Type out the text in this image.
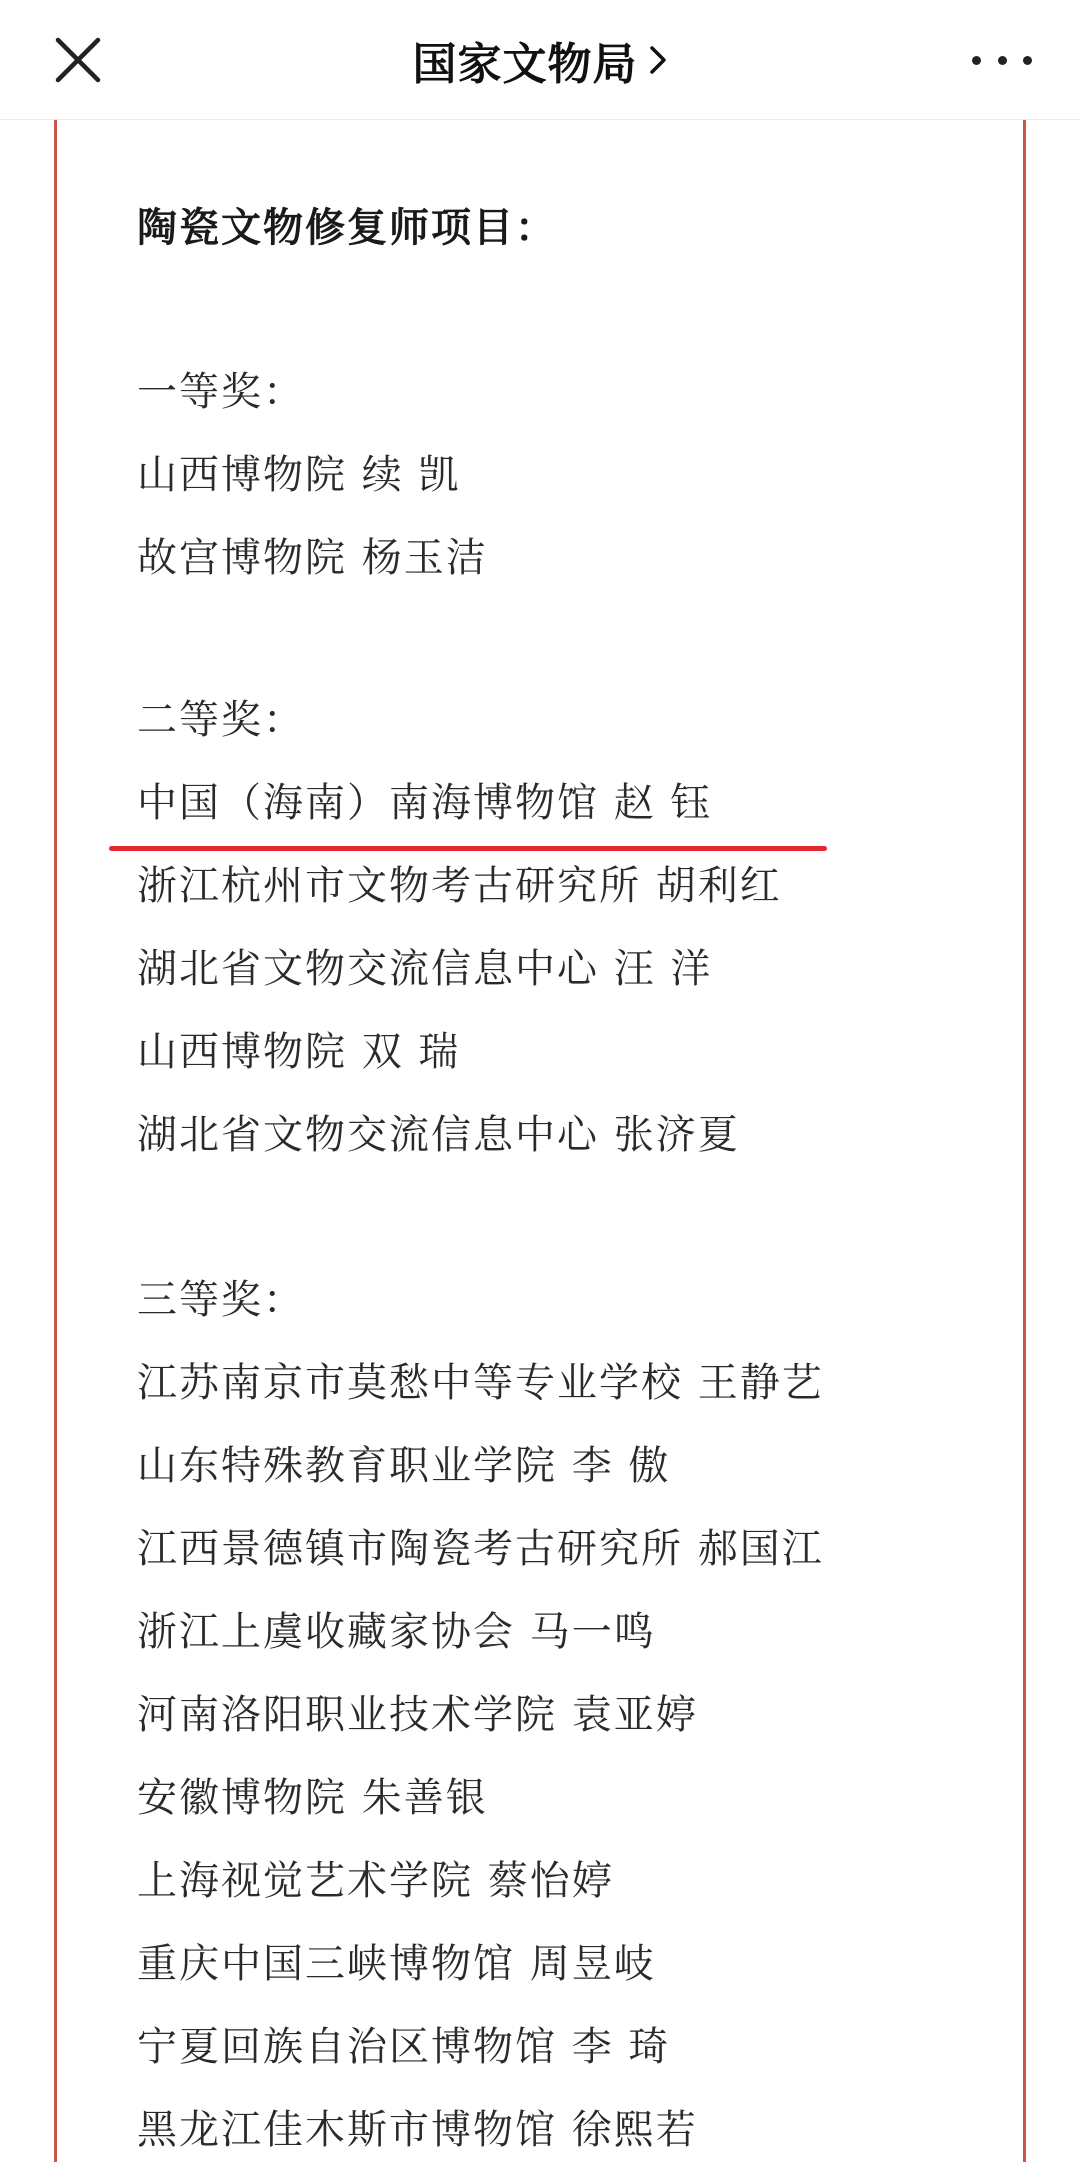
国家文物局
陶瓷文物修复师项目：
一等奖：
山西博物院 续 凯
故宫博物院 杨玉洁
二等奖：
中国（海南）南海博物馆 赵 钰
浙江杭州市文物考古研究所 胡利红
湖北省文物交流信息中心 汪 洋
山西博物院 双 瑞
湖北省文物交流信息中心 张济夏
三等奖：
江苏南京市莫愁中等专业学校 王静艺
山东特殊教育职业学院 李 傲
江西景德镇市陶瓷考古研究所 郝国江
浙江上虞收藏家协会 马一鸣
河南洛阳职业技术学院 袁亚婷
安徽博物院 朱善银
上海视觉艺术学院 蔡怡婷
重庆中国三峡博物馆 周昱岐
宁夏回族自治区博物馆 李 琦
黑龙江佳木斯市博物馆 徐熙若
